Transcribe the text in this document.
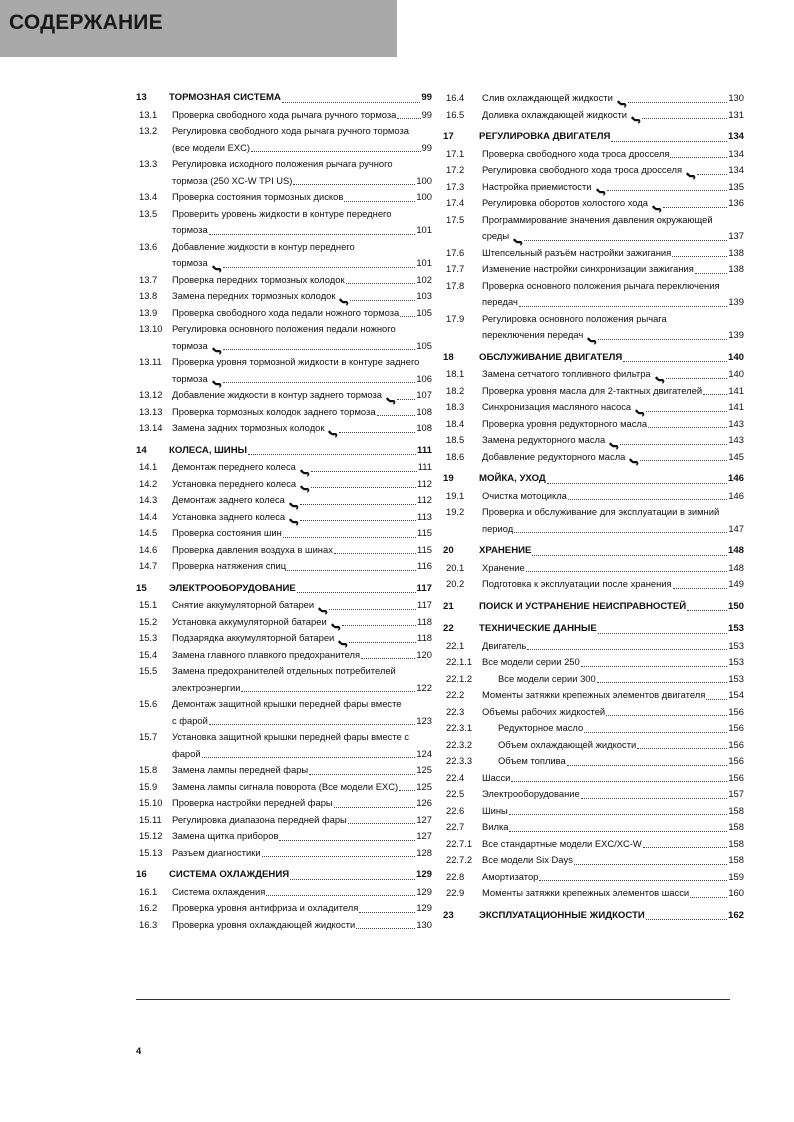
СОДЕРЖАНИЕ
13	ТОРМОЗНАЯ СИСТЕМА	99
13.1	Проверка свободного хода рычага ручного тормоза	99
13.2	Регулировка свободного хода рычага ручного тормоза
(все модели EXC)	99
13.3	Регулировка исходного положения рычага ручного
тормоза (250 XC-W TPI US)	100
13.4	Проверка состояния тормозных дисков	100
13.5	Проверить уровень жидкости в контуре переднего
тормоза	101
13.6	Добавление жидкости в контур переднего
тормоза	101
13.7	Проверка передних тормозных колодок	102
13.8	Замена передних тормозных колодок	103
13.9	Проверка свободного хода педали ножного тормоза 105
13.10	Регулировка основного положения педали ножного
тормоза	105
13.11	Проверка уровня тормозной жидкости в контуре заднего
тормоза	106
13.12	Добавление жидкости в контур заднего тормоза	107
13.13	Проверка тормозных колодок заднего тормоза	108
13.14	Замена задних тормозных колодок	108
14	КОЛЕСА, ШИНЫ	111
14.1	Демонтаж переднего колеса	111
14.2	Установка переднего колеса	112
14.3	Демонтаж заднего колеса	112
14.4	Установка заднего колеса	113
14.5	Проверка состояния шин	115
14.6	Проверка давления воздуха в шинах	115
14.7	Проверка натяжения спиц	116
15	ЭЛЕКТРООБОРУДОВАНИЕ	117
15.1	Снятие аккумуляторной батареи	117
15.2	Установка аккумуляторной батареи	118
15.3	Подзарядка аккумуляторной батареи	118
15.4	Замена главного плавкого предохранителя	120
15.5	Замена предохранителей отдельных потребителей
электроэнергии	122
15.6	Демонтаж защитной крышки передней фары вместе
с фарой	123
15.7	Установка защитной крышки передней фары вместе с
фарой	124
15.8	Замена лампы передней фары	125
15.9	Замена лампы сигнала поворота (Все модели EXC) 125
15.10	Проверка настройки передней фары	126
15.11	Регулировка диапазона передней фары	127
15.12	Замена щитка приборов	127
15.13	Разъем диагностики	128
16	СИСТЕМА ОХЛАЖДЕНИЯ	129
16.1	Система охлаждения	129
16.2	Проверка уровня антифриза и охладителя	129
16.3	Проверка уровня охлаждающей жидкости	130
16.4	Слив охлаждающей жидкости	130
16.5	Доливка охлаждающей жидкости	131
17	РЕГУЛИРОВКА ДВИГАТЕЛЯ	134
17.1	Проверка свободного хода троса дросселя	134
17.2	Регулировка свободного хода троса дросселя	134
17.3	Настройка приемистости	135
17.4	Регулировка оборотов холостого хода	136
17.5	Программирование значения давления окружающей
среды	137
17.6	Штепсельный разъём настройки зажигания	138
17.7	Изменение настройки синхронизации зажигания	138
17.8	Проверка основного положения рычага переключения
передач	139
17.9	Регулировка основного положения рычага
переключения передач	139
18	ОБСЛУЖИВАНИЕ ДВИГАТЕЛЯ	140
18.1	Замена сетчатого топливного фильтра	140
18.2	Проверка уровня масла для 2-тактных двигателей	141
18.3	Синхронизация масляного насоса	141
18.4	Проверка уровня редукторного масла	143
18.5	Замена редукторного масла	143
18.6	Добавление редукторного масла	145
19	МОЙКА, УХОД	146
19.1	Очистка мотоцикла	146
19.2	Проверка и обслуживание для эксплуатации в зимний
период	147
20	ХРАНЕНИЕ	148
20.1	Хранение	148
20.2	Подготовка к эксплуатации после хранения	149
21	ПОИСК И УСТРАНЕНИЕ НЕИСПРАВНОСТЕЙ	150
22	ТЕХНИЧЕСКИЕ ДАННЫЕ	153
22.1	Двигатель	153
22.1.1	Все модели серии 250	153
22.1.2	Все модели серии 300	153
22.2	Моменты затяжки крепежных элементов двигателя 154
22.3	Объемы рабочих жидкостей	156
22.3.1	Редукторное масло	156
22.3.2	Объем охлаждающей жидкости	156
22.3.3	Объем топлива	156
22.4	Шасси	156
22.5	Электрооборудование	157
22.6	Шины	158
22.7	Вилка	158
22.7.1	Все стандартные модели EXC/XC-W	158
22.7.2	Все модели Six Days	158
22.8	Амортизатор	159
22.9	Моменты затяжки крепежных элементов шасси	160
23	ЭКСПЛУАТАЦИОННЫЕ ЖИДКОСТИ	162
4
